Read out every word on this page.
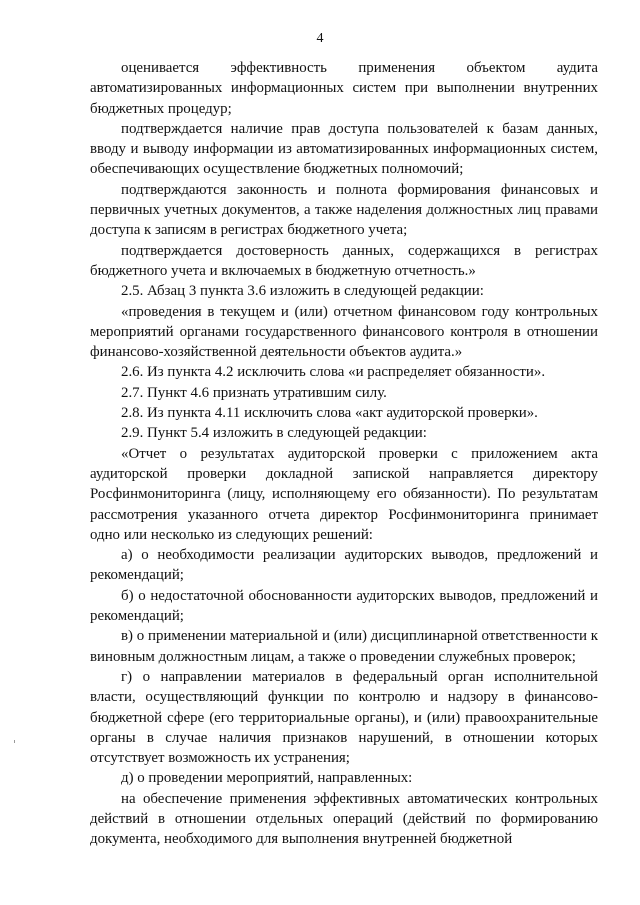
4

оценивается эффективность применения объектом аудита автоматизированных информационных систем при выполнении внутренних бюджетных процедур;

подтверждается наличие прав доступа пользователей к базам данных, вводу и выводу информации из автоматизированных информационных систем, обеспечивающих осуществление бюджетных полномочий;

подтверждаются законность и полнота формирования финансовых и первичных учетных документов, а также наделения должностных лиц правами доступа к записям в регистрах бюджетного учета;

подтверждается достоверность данных, содержащихся в регистрах бюджетного учета и включаемых в бюджетную отчетность.»

2.5. Абзац 3 пункта 3.6 изложить в следующей редакции:

«проведения в текущем и (или) отчетном финансовом году контрольных мероприятий органами государственного финансового контроля в отношении финансово-хозяйственной деятельности объектов аудита.»

2.6. Из пункта 4.2 исключить слова «и распределяет обязанности».

2.7. Пункт 4.6 признать утратившим силу.

2.8. Из пункта 4.11 исключить слова «акт аудиторской проверки».

2.9. Пункт 5.4 изложить в следующей редакции:

«Отчет о результатах аудиторской проверки с приложением акта аудиторской проверки докладной запиской направляется директору Росфинмониторинга (лицу, исполняющему его обязанности). По результатам рассмотрения указанного отчета директор Росфинмониторинга принимает одно или несколько из следующих решений:

а) о необходимости реализации аудиторских выводов, предложений и рекомендаций;

б) о недостаточной обоснованности аудиторских выводов, предложений и рекомендаций;

в) о применении материальной и (или) дисциплинарной ответственности к виновным должностным лицам, а также о проведении служебных проверок;

г) о направлении материалов в федеральный орган исполнительной власти, осуществляющий функции по контролю и надзору в финансово-бюджетной сфере (его территориальные органы), и (или) правоохранительные органы в случае наличия признаков нарушений, в отношении которых отсутствует возможность их устранения;

д) о проведении мероприятий, направленных:

на обеспечение применения эффективных автоматических контрольных действий в отношении отдельных операций (действий по формированию документа, необходимого для выполнения внутренней бюджетной
